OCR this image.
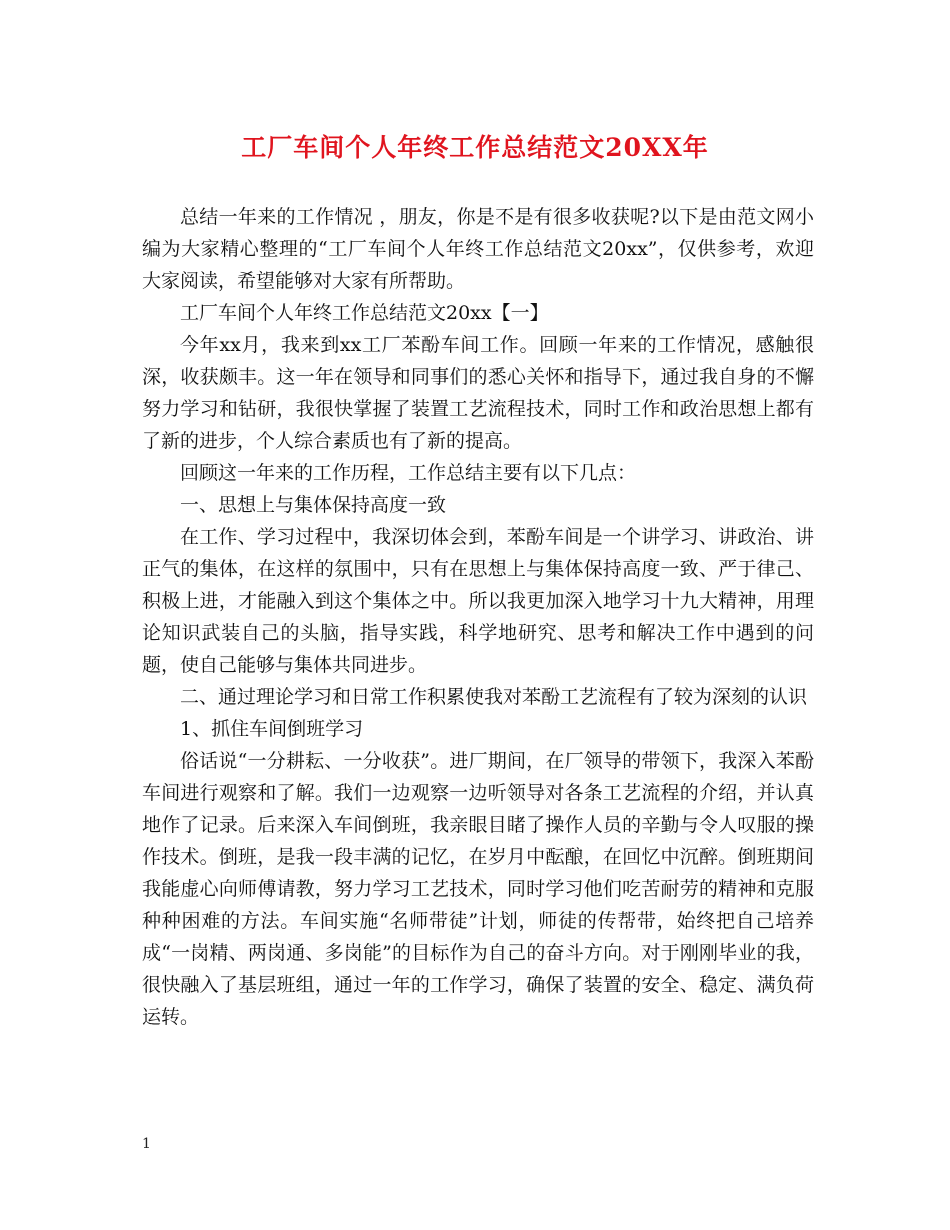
工厂车间个人年终工作总结范文20XX年

总结一年来的工作情况 ，朋友，你是不是有很多收获呢?以下是由范文网小编为大家精心整理的“工厂车间个人年终工作总结范文20xx”，仅供参考，欢迎大家阅读，希望能够对大家有所帮助。

工厂车间个人年终工作总结范文20xx【一】

今年xx月，我来到xx工厂苯酚车间工作。回顾一年来的工作情况，感触很深，收获颇丰。这一年在领导和同事们的悉心关怀和指导下，通过我自身的不懈努力学习和钻研，我很快掌握了装置工艺流程技术，同时工作和政治思想上都有了新的进步，个人综合素质也有了新的提高。

回顾这一年来的工作历程，工作总结主要有以下几点：

一、思想上与集体保持高度一致

在工作、学习过程中，我深切体会到，苯酚车间是一个讲学习、讲政治、讲正气的集体，在这样的氛围中，只有在思想上与集体保持高度一致、严于律己、积极上进，才能融入到这个集体之中。所以我更加深入地学习十九大精神，用理论知识武装自己的头脑，指导实践，科学地研究、思考和解决工作中遇到的问题，使自己能够与集体共同进步。

二、通过理论学习和日常工作积累使我对苯酚工艺流程有了较为深刻的认识

1、抓住车间倒班学习

俗话说“一分耕耘、一分收获”。进厂期间，在厂领导的带领下，我深入苯酚车间进行观察和了解。我们一边观察一边听领导对各条工艺流程的介绍，并认真地作了记录。后来深入车间倒班，我亲眼目睹了操作人员的辛勤与令人叹服的操作技术。倒班，是我一段丰满的记忆，在岁月中酝酿，在回忆中沉醉。倒班期间我能虚心向师傅请教，努力学习工艺技术，同时学习他们吃苦耐劳的精神和克服种种困难的方法。车间实施“名师带徒”计划，师徒的传帮带，始终把自己培养成“一岗精、两岗通、多岗能”的目标作为自己的奋斗方向。对于刚刚毕业的我，很快融入了基层班组，通过一年的工作学习，确保了装置的安全、稳定、满负荷运转。

1
